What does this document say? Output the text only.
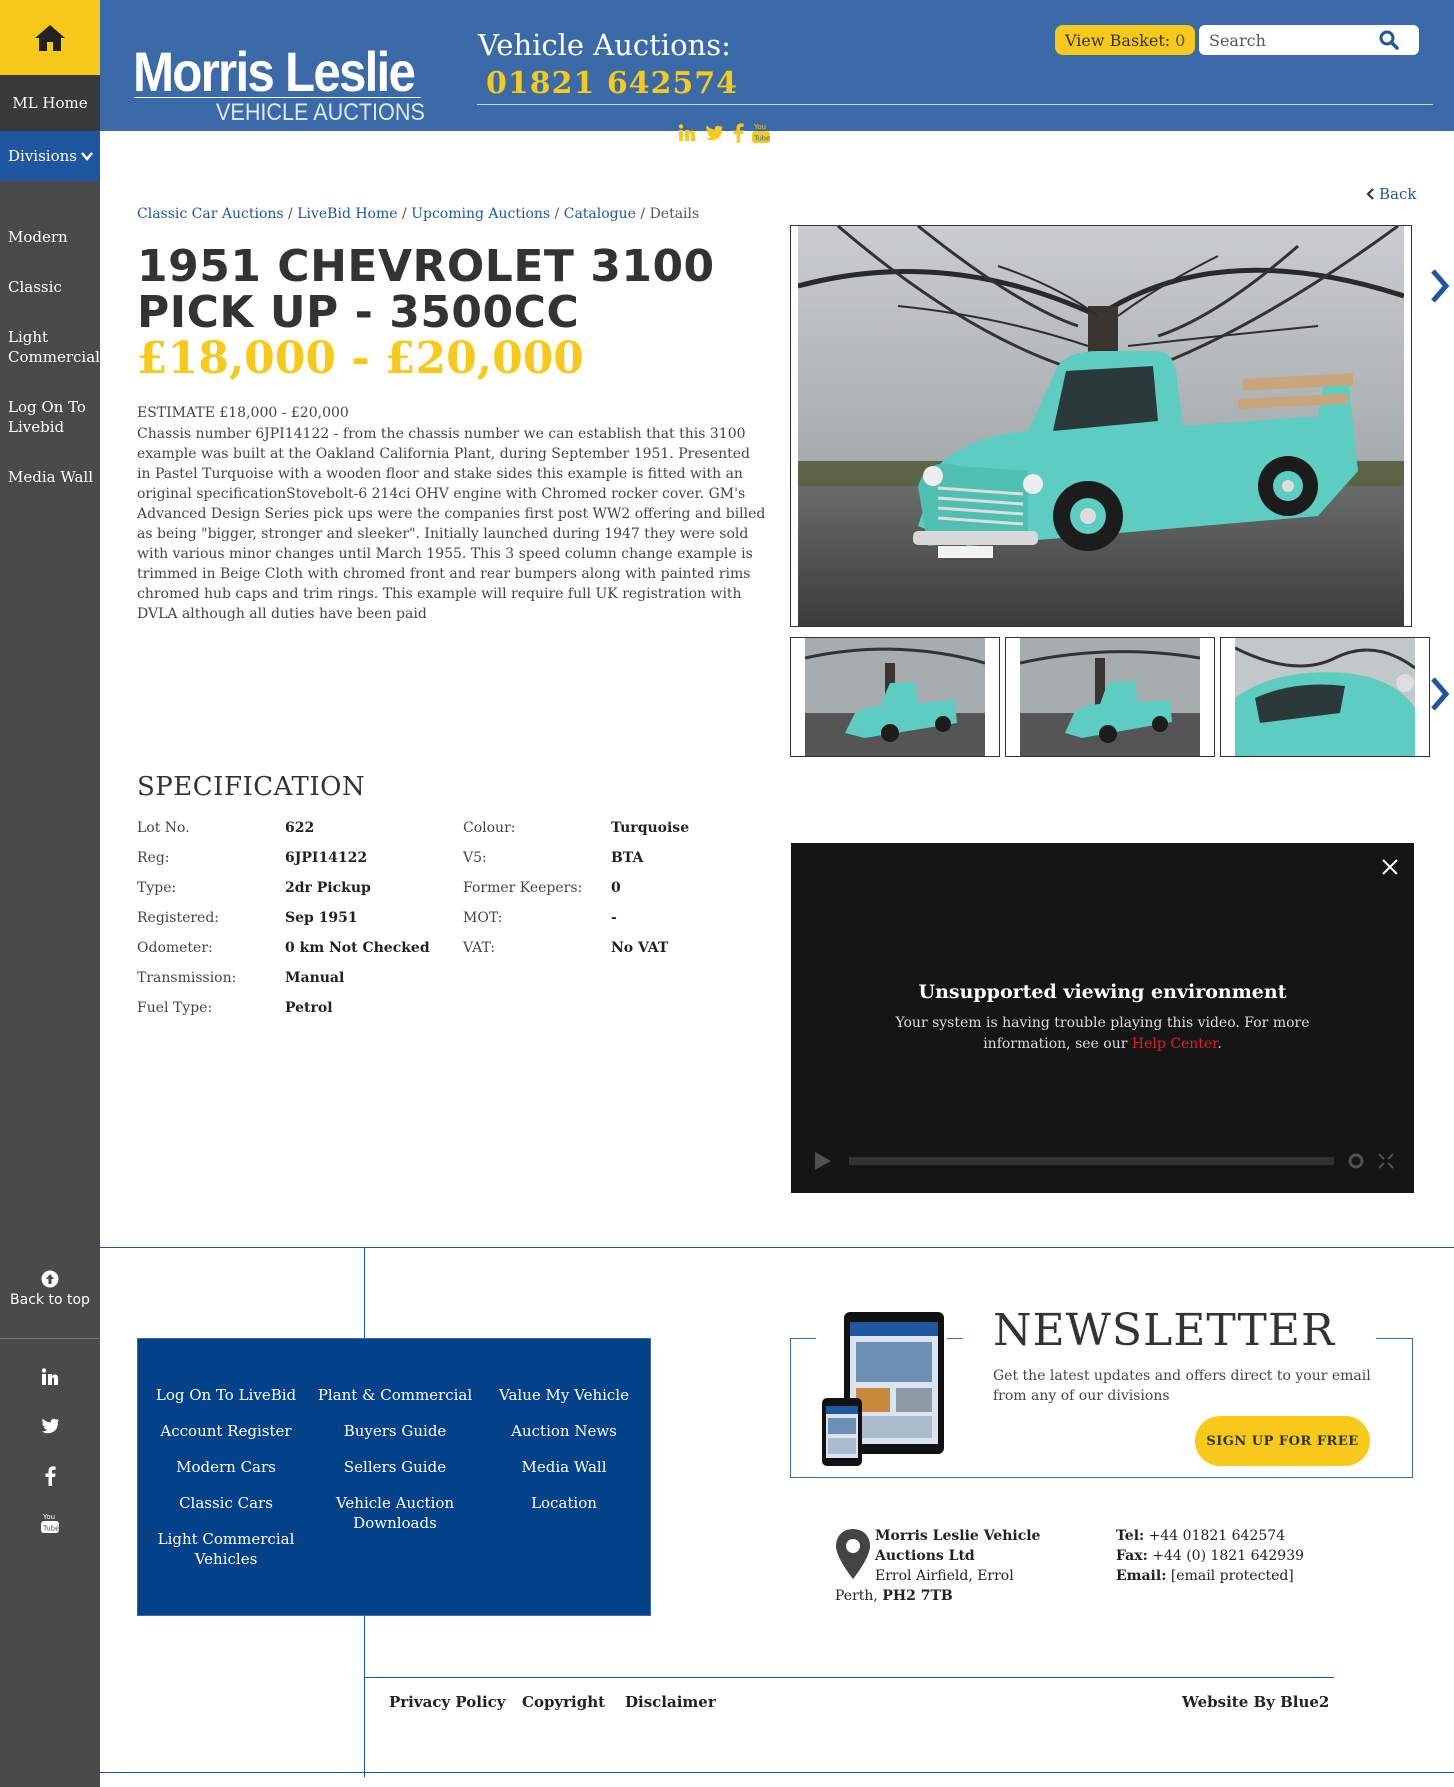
ML Home
Divisions
Modern
Classic
Light Commercial
Log On To Livebid
Media Wall
Back to top
You
Tube
Morris Leslie
VEHICLE AUCTIONS
Vehicle Auctions:
01821 642574
View Basket: 0
Search
You
Tube
Back
Classic Car Auctions / LiveBid Home / Upcoming Auctions / Catalogue / Details
1951 CHEVROLET 3100
PICK UP - 3500CC
£18,000 - £20,000
ESTIMATE £18,000 - £20,000
Chassis number 6JPI14122 - from the chassis number we can establish that this 3100 example was built at the Oakland California Plant, during September 1951. Presented in Pastel Turquoise with a wooden floor and stake sides this example is fitted with an original specificationStovebolt-6 214ci OHV engine with Chromed rocker cover. GM's Advanced Design Series pick ups were the companies first post WW2 offering and billed as being "bigger, stronger and sleeker". Initially launched during 1947 they were sold with various minor changes until March 1955. This 3 speed column change example is trimmed in Beige Cloth with chromed front and rear bumpers along with painted rims chromed hub caps and trim rings. This example will require full UK registration with DVLA although all duties have been paid
SPECIFICATION
Lot No.	622
Reg:	6JPI14122
Type:	2dr Pickup
Registered:	Sep 1951
Odometer:	0 km Not Checked
Transmission:	Manual
Fuel Type:	Petrol
Colour:	Turquoise
V5:	BTA
Former Keepers: 0
MOT:	-
VAT:	No VAT
Unsupported viewing environment
Your system is having trouble playing this video. For more information, see our Help Center.
Log On To LiveBid
Account Register
Modern Cars
Classic Cars
Light Commercial Vehicles
Plant & Commercial
Buyers Guide
Sellers Guide
Vehicle Auction Downloads
Value My Vehicle
Auction News
Media Wall
Location
NEWSLETTER
Get the latest updates and offers direct to your email from any of our divisions
SIGN UP FOR FREE
Morris Leslie Vehicle Auctions Ltd
Errol Airfield, Errol
Perth, PH2 7TB
Tel: +44 01821 642574
Fax: +44 (0) 1821 642939
Email: [email protected]
Privacy Policy Copyright Disclaimer	Website By Blue2
